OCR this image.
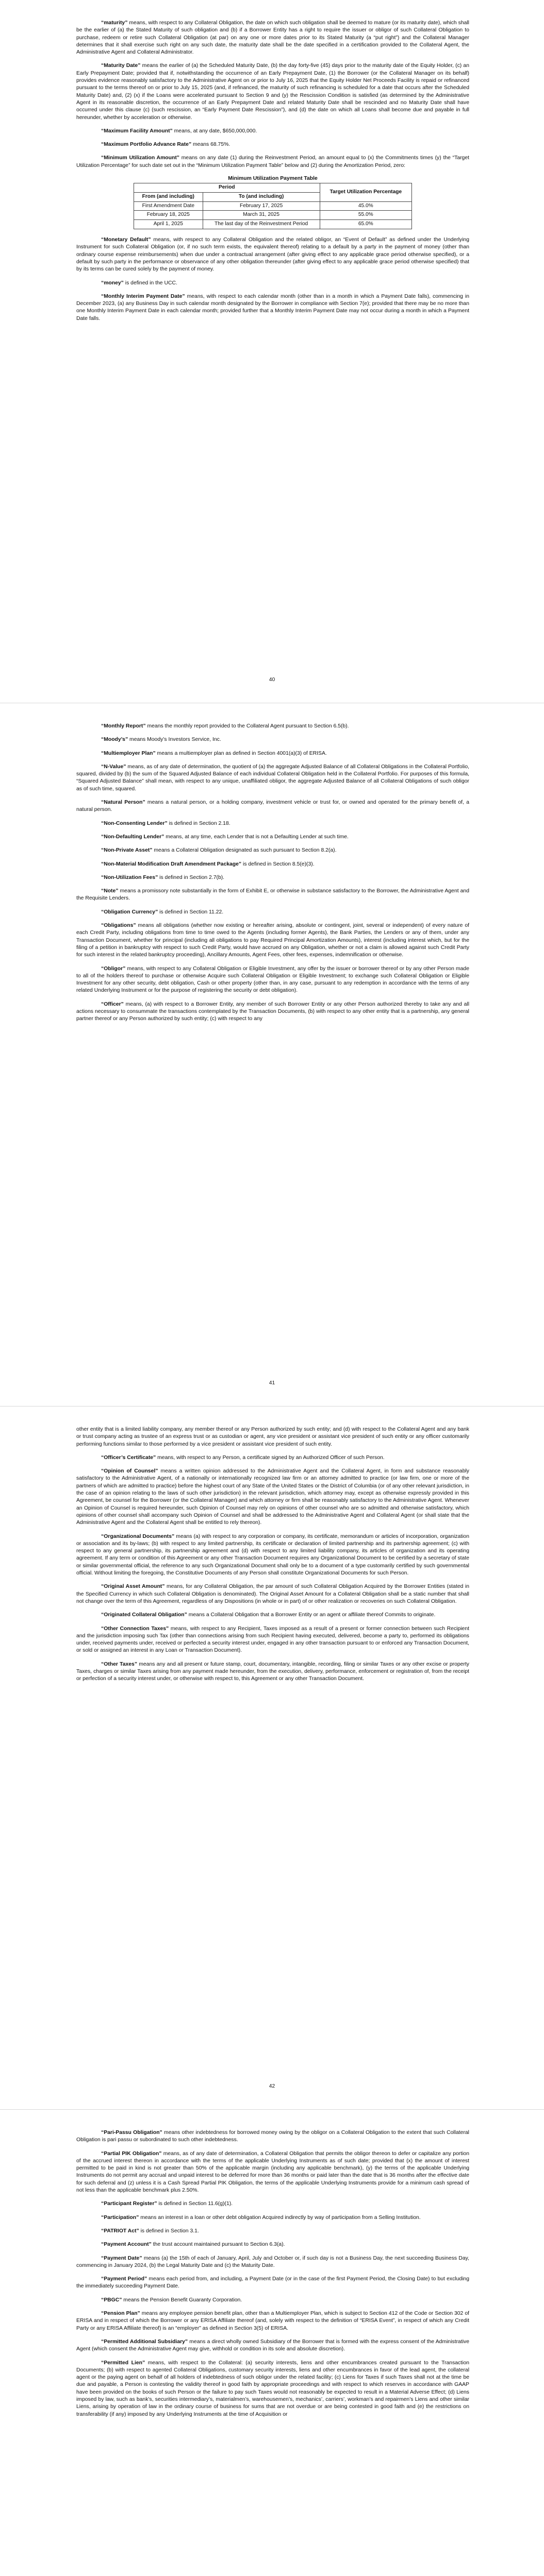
“maturity” means, with respect to any Collateral Obligation, the date on which such obligation shall be deemed to mature (or its maturity date), which shall be the earlier of (a) the Stated Maturity of such obligation and (b) if a Borrower Entity has a right to require the issuer or obligor of such Collateral Obligation to purchase, redeem or retire such Collateral Obligation (at par) on any one or more dates prior to its Stated Maturity (a “put right”) and the Collateral Manager determines that it shall exercise such right on any such date, the maturity date shall be the date specified in a certification provided to the Collateral Agent, the Administrative Agent and Collateral Administrator.

“Maturity Date” means the earlier of (a) the Scheduled Maturity Date, (b) the day forty-five (45) days prior to the maturity date of the Equity Holder, (c) an Early Prepayment Date; provided that if, notwithstanding the occurrence of an Early Prepayment Date, (1) the Borrower (or the Collateral Manager on its behalf) provides evidence reasonably satisfactory to the Administrative Agent on or prior to July 16, 2025 that the Equity Holder Net Proceeds Facility is repaid or refinanced pursuant to the terms thereof on or prior to July 15, 2025 (and, if refinanced, the maturity of such refinancing is scheduled for a date that occurs after the Scheduled Maturity Date) and, (2) (x) if the Loans were accelerated pursuant to Section 9 and (y) the Rescission Condition is satisfied (as determined by the Administrative Agent in its reasonable discretion, the occurrence of an Early Prepayment Date and related Maturity Date shall be rescinded and no Maturity Date shall have occurred under this clause (c) (such rescission, an “Early Payment Date Rescission”), and (d) the date on which all Loans shall become due and payable in full hereunder, whether by acceleration or otherwise.

“Maximum Facility Amount” means, at any date, $650,000,000.

“Maximum Portfolio Advance Rate” means 68.75%.

“Minimum Utilization Amount” means on any date (1) during the Reinvestment Period, an amount equal to (x) the Commitments times (y) the “Target Utilization Percentage” for such date set out in the “Minimum Utilization Payment Table” below and (2) during the Amortization Period, zero:

Minimum Utilization Payment Table
Period		Target Utilization Percentage
From (and including)	To (and including)	
First Amendment Date	February 17, 2025	45.0%
February 18, 2025	March 31, 2025	55.0%
April 1, 2025	The last day of the Reinvestment Period	65.0%

“Monetary Default” means, with respect to any Collateral Obligation and the related obligor, an “Event of Default” as defined under the Underlying Instrument for such Collateral Obligation (or, if no such term exists, the equivalent thereof) relating to a default by a party in the payment of money (other than ordinary course expense reimbursements) when due under a contractual arrangement (after giving effect to any applicable grace period otherwise specified), or a default by such party in the performance or observance of any other obligation thereunder (after giving effect to any applicable grace period otherwise specified) that by its terms can be cured solely by the payment of money.

“money” is defined in the UCC.

“Monthly Interim Payment Date” means, with respect to each calendar month (other than in a month in which a Payment Date falls), commencing in December 2023, (a) any Business Day in such calendar month designated by the Borrower in compliance with Section 7(e); provided that there may be no more than one Monthly Interim Payment Date in each calendar month; provided further that a Monthly Interim Payment Date may not occur during a month in which a Payment Date falls.

40

“Monthly Report” means the monthly report provided to the Collateral Agent pursuant to Section 6.5(b).

“Moody’s” means Moody’s Investors Service, Inc.

“Multiemployer Plan” means a multiemployer plan as defined in Section 4001(a)(3) of ERISA.

“N-Value” means, as of any date of determination, the quotient of (a) the aggregate Adjusted Balance of all Collateral Obligations in the Collateral Portfolio, squared, divided by (b) the sum of the Squared Adjusted Balance of each individual Collateral Obligation held in the Collateral Portfolio. For purposes of this formula, “Squared Adjusted Balance” shall mean, with respect to any unique, unaffiliated obligor, the aggregate Adjusted Balance of all Collateral Obligations of such obligor as of such time, squared.

“Natural Person” means a natural person, or a holding company, investment vehicle or trust for, or owned and operated for the primary benefit of, a natural person.

“Non-Consenting Lender” is defined in Section 2.18.

“Non-Defaulting Lender” means, at any time, each Lender that is not a Defaulting Lender at such time.

“Non-Private Asset” means a Collateral Obligation designated as such pursuant to Section 8.2(a).

“Non-Material Modification Draft Amendment Package” is defined in Section 8.5(e)(3).

“Non-Utilization Fees” is defined in Section 2.7(b).

“Note” means a promissory note substantially in the form of Exhibit E, or otherwise in substance satisfactory to the Borrower, the Administrative Agent and the Requisite Lenders.

“Obligation Currency” is defined in Section 11.22.

“Obligations” means all obligations (whether now existing or hereafter arising, absolute or contingent, joint, several or independent) of every nature of each Credit Party, including obligations from time to time owed to the Agents (including former Agents), the Bank Parties, the Lenders or any of them, under any Transaction Document, whether for principal (including all obligations to pay Required Principal Amortization Amounts), interest (including interest which, but for the filing of a petition in bankruptcy with respect to such Credit Party, would have accrued on any Obligation, whether or not a claim is allowed against such Credit Party for such interest in the related bankruptcy proceeding), Ancillary Amounts, Agent Fees, other fees, expenses, indemnification or otherwise.

“Obligor” means, with respect to any Collateral Obligation or Eligible Investment, any offer by the issuer or borrower thereof or by any other Person made to all of the holders thereof to purchase or otherwise Acquire such Collateral Obligation or Eligible Investment; to exchange such Collateral Obligation or Eligible Investment for any other security, debt obligation, Cash or other property (other than, in any case, pursuant to any redemption in accordance with the terms of any related Underlying Instrument or for the purpose of registering the security or debt obligation).

“Officer” means, (a) with respect to a Borrower Entity, any member of such Borrower Entity or any other Person authorized thereby to take any and all actions necessary to consummate the transactions contemplated by the Transaction Documents, (b) with respect to any other entity that is a partnership, any general partner thereof or any Person authorized by such entity; (c) with respect to any

41

other entity that is a limited liability company, any member thereof or any Person authorized by such entity; and (d) with respect to the Collateral Agent and any bank or trust company acting as trustee of an express trust or as custodian or agent, any vice president or assistant vice president of such entity or any officer customarily performing functions similar to those performed by a vice president or assistant vice president of such entity.

“Officer’s Certificate” means, with respect to any Person, a certificate signed by an Authorized Officer of such Person.

“Opinion of Counsel” means a written opinion addressed to the Administrative Agent and the Collateral Agent, in form and substance reasonably satisfactory to the Administrative Agent, of a nationally or internationally recognized law firm or an attorney admitted to practice (or law firm, one or more of the partners of which are admitted to practice) before the highest court of any State of the United States or the District of Columbia (or of any other relevant jurisdiction, in the case of an opinion relating to the laws of such other jurisdiction) in the relevant jurisdiction, which attorney may, except as otherwise expressly provided in this Agreement, be counsel for the Borrower (or the Collateral Manager) and which attorney or firm shall be reasonably satisfactory to the Administrative Agent. Whenever an Opinion of Counsel is required hereunder, such Opinion of Counsel may rely on opinions of other counsel who are so admitted and otherwise satisfactory, which opinions of other counsel shall accompany such Opinion of Counsel and shall be addressed to the Administrative Agent and Collateral Agent (or shall state that the Administrative Agent and the Collateral Agent shall be entitled to rely thereon).

“Organizational Documents” means (a) with respect to any corporation or company, its certificate, memorandum or articles of incorporation, organization or association and its by-laws; (b) with respect to any limited partnership, its certificate or declaration of limited partnership and its partnership agreement; (c) with respect to any general partnership, its partnership agreement and (d) with respect to any limited liability company, its articles of organization and its operating agreement. If any term or condition of this Agreement or any other Transaction Document requires any Organizational Document to be certified by a secretary of state or similar governmental official, the reference to any such Organizational Document shall only be to a document of a type customarily certified by such governmental official. Without limiting the foregoing, the Constitutive Documents of any Person shall constitute Organizational Documents for such Person.

“Original Asset Amount” means, for any Collateral Obligation, the par amount of such Collateral Obligation Acquired by the Borrower Entities (stated in the Specified Currency in which such Collateral Obligation is denominated). The Original Asset Amount for a Collateral Obligation shall be a static number that shall not change over the term of this Agreement, regardless of any Dispositions (in whole or in part) of or other realization or recoveries on such Collateral Obligation.

“Originated Collateral Obligation” means a Collateral Obligation that a Borrower Entity or an agent or affiliate thereof Commits to originate.

“Other Connection Taxes” means, with respect to any Recipient, Taxes imposed as a result of a present or former connection between such Recipient and the jurisdiction imposing such Tax (other than connections arising from such Recipient having executed, delivered, become a party to, performed its obligations under, received payments under, received or perfected a security interest under, engaged in any other transaction pursuant to or enforced any Transaction Document, or sold or assigned an interest in any Loan or Transaction Document).

“Other Taxes” means any and all present or future stamp, court, documentary, intangible, recording, filing or similar Taxes or any other excise or property Taxes, charges or similar Taxes arising from any payment made hereunder, from the execution, delivery, performance, enforcement or registration of, from the receipt or perfection of a security interest under, or otherwise with respect to, this Agreement or any other Transaction Document.

42

“Pari-Passu Obligation” means other indebtedness for borrowed money owing by the obligor on a Collateral Obligation to the extent that such Collateral Obligation is pari passu or subordinated to such other indebtedness.

“Partial PIK Obligation” means, as of any date of determination, a Collateral Obligation that permits the obligor thereon to defer or capitalize any portion of the accrued interest thereon in accordance with the terms of the applicable Underlying Instruments as of such date; provided that (x) the amount of interest permitted to be paid in kind is not greater than 50% of the applicable margin (including any applicable benchmark), (y) the terms of the applicable Underlying Instruments do not permit any accrual and unpaid interest to be deferred for more than 36 months or paid later than the date that is 36 months after the effective date for such deferral and (z) unless it is a Cash Spread Partial PIK Obligation, the terms of the applicable Underlying Instruments provide for a minimum cash spread of not less than the applicable benchmark plus 2.50%.

“Participant Register” is defined in Section 11.6(g)(1).

“Participation” means an interest in a loan or other debt obligation Acquired indirectly by way of participation from a Selling Institution.

“PATRIOT Act” is defined in Section 3.1.

“Payment Account” the trust account maintained pursuant to Section 6.3(a).

“Payment Date” means (a) the 15th of each of January, April, July and October or, if such day is not a Business Day, the next succeeding Business Day, commencing in January 2024, (b) the Legal Maturity Date and (c) the Maturity Date.

“Payment Period” means each period from, and including, a Payment Date (or in the case of the first Payment Period, the Closing Date) to but excluding the immediately succeeding Payment Date.

“PBGC” means the Pension Benefit Guaranty Corporation.

“Pension Plan” means any employee pension benefit plan, other than a Multiemployer Plan, which is subject to Section 412 of the Code or Section 302 of ERISA and in respect of which the Borrower or any ERISA Affiliate thereof (and, solely with respect to the definition of “ERISA Event”, in respect of which any Credit Party or any ERISA Affiliate thereof) is an “employer” as defined in Section 3(5) of ERISA.

“Permitted Additional Subsidiary” means a direct wholly owned Subsidiary of the Borrower that is formed with the express consent of the Administrative Agent (which consent the Administrative Agent may give, withhold or condition in its sole and absolute discretion).

“Permitted Lien” means, with respect to the Collateral: (a) security interests, liens and other encumbrances created pursuant to the Transaction Documents; (b) with respect to agented Collateral Obligations, customary security interests, liens and other encumbrances in favor of the lead agent, the collateral agent or the paying agent on behalf of all holders of indebtedness of such obligor under the related facility; (c) Liens for Taxes if such Taxes shall not at the time be due and payable, a Person is contesting the validity thereof in good faith by appropriate proceedings and with respect to which reserves in accordance with GAAP have been provided on the books of such Person or the failure to pay such Taxes would not reasonably be expected to result in a Material Adverse Effect; (d) Liens imposed by law, such as bank’s, securities intermediary’s, materialmen’s, warehousemen’s, mechanics’, carriers’, workman’s and repairmen’s Liens and other similar Liens, arising by operation of law in the ordinary course of business for sums that are not overdue or are being contested in good faith and (e) the restrictions on transferability (if any) imposed by any Underlying Instruments at the time of Acquisition or
